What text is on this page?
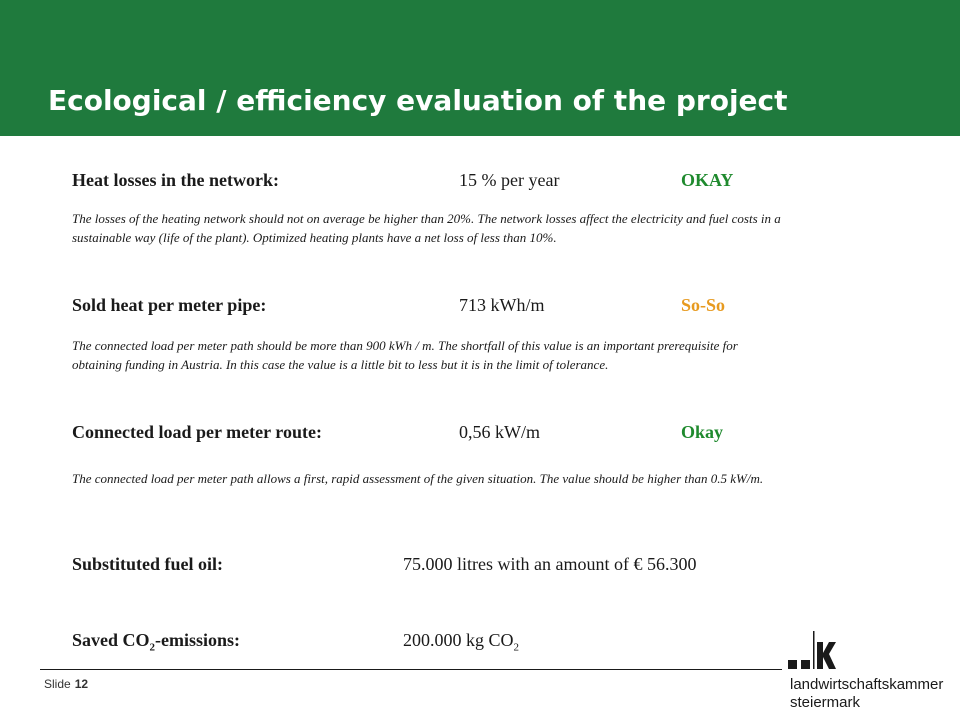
Ecological / efficiency evaluation of the project
Heat losses in the network:	15 % per year	OKAY
The losses of the heating network should not on average be higher than 20%. The network losses affect the electricity and fuel costs in a sustainable way (life of the plant). Optimized heating plants have a net loss of less than 10%.
Sold heat per meter pipe:	713 kWh/m	So-So
The connected load per meter path should be more than 900 kWh / m. The shortfall of this value is an important prerequisite for obtaining funding in Austria. In this case the value is a little bit to less but it is in the limit of tolerance.
Connected load per meter route:	0,56 kW/m	Okay
The connected load per meter path allows a first, rapid assessment of the given situation. The value should be higher than 0.5 kW/m.
Substituted fuel oil:	75.000 litres with an amount of € 56.300
Saved $CO_2$-emissions:	200.000 kg $CO_2$
Slide 12	landwirtschaftskammer
steiermark
